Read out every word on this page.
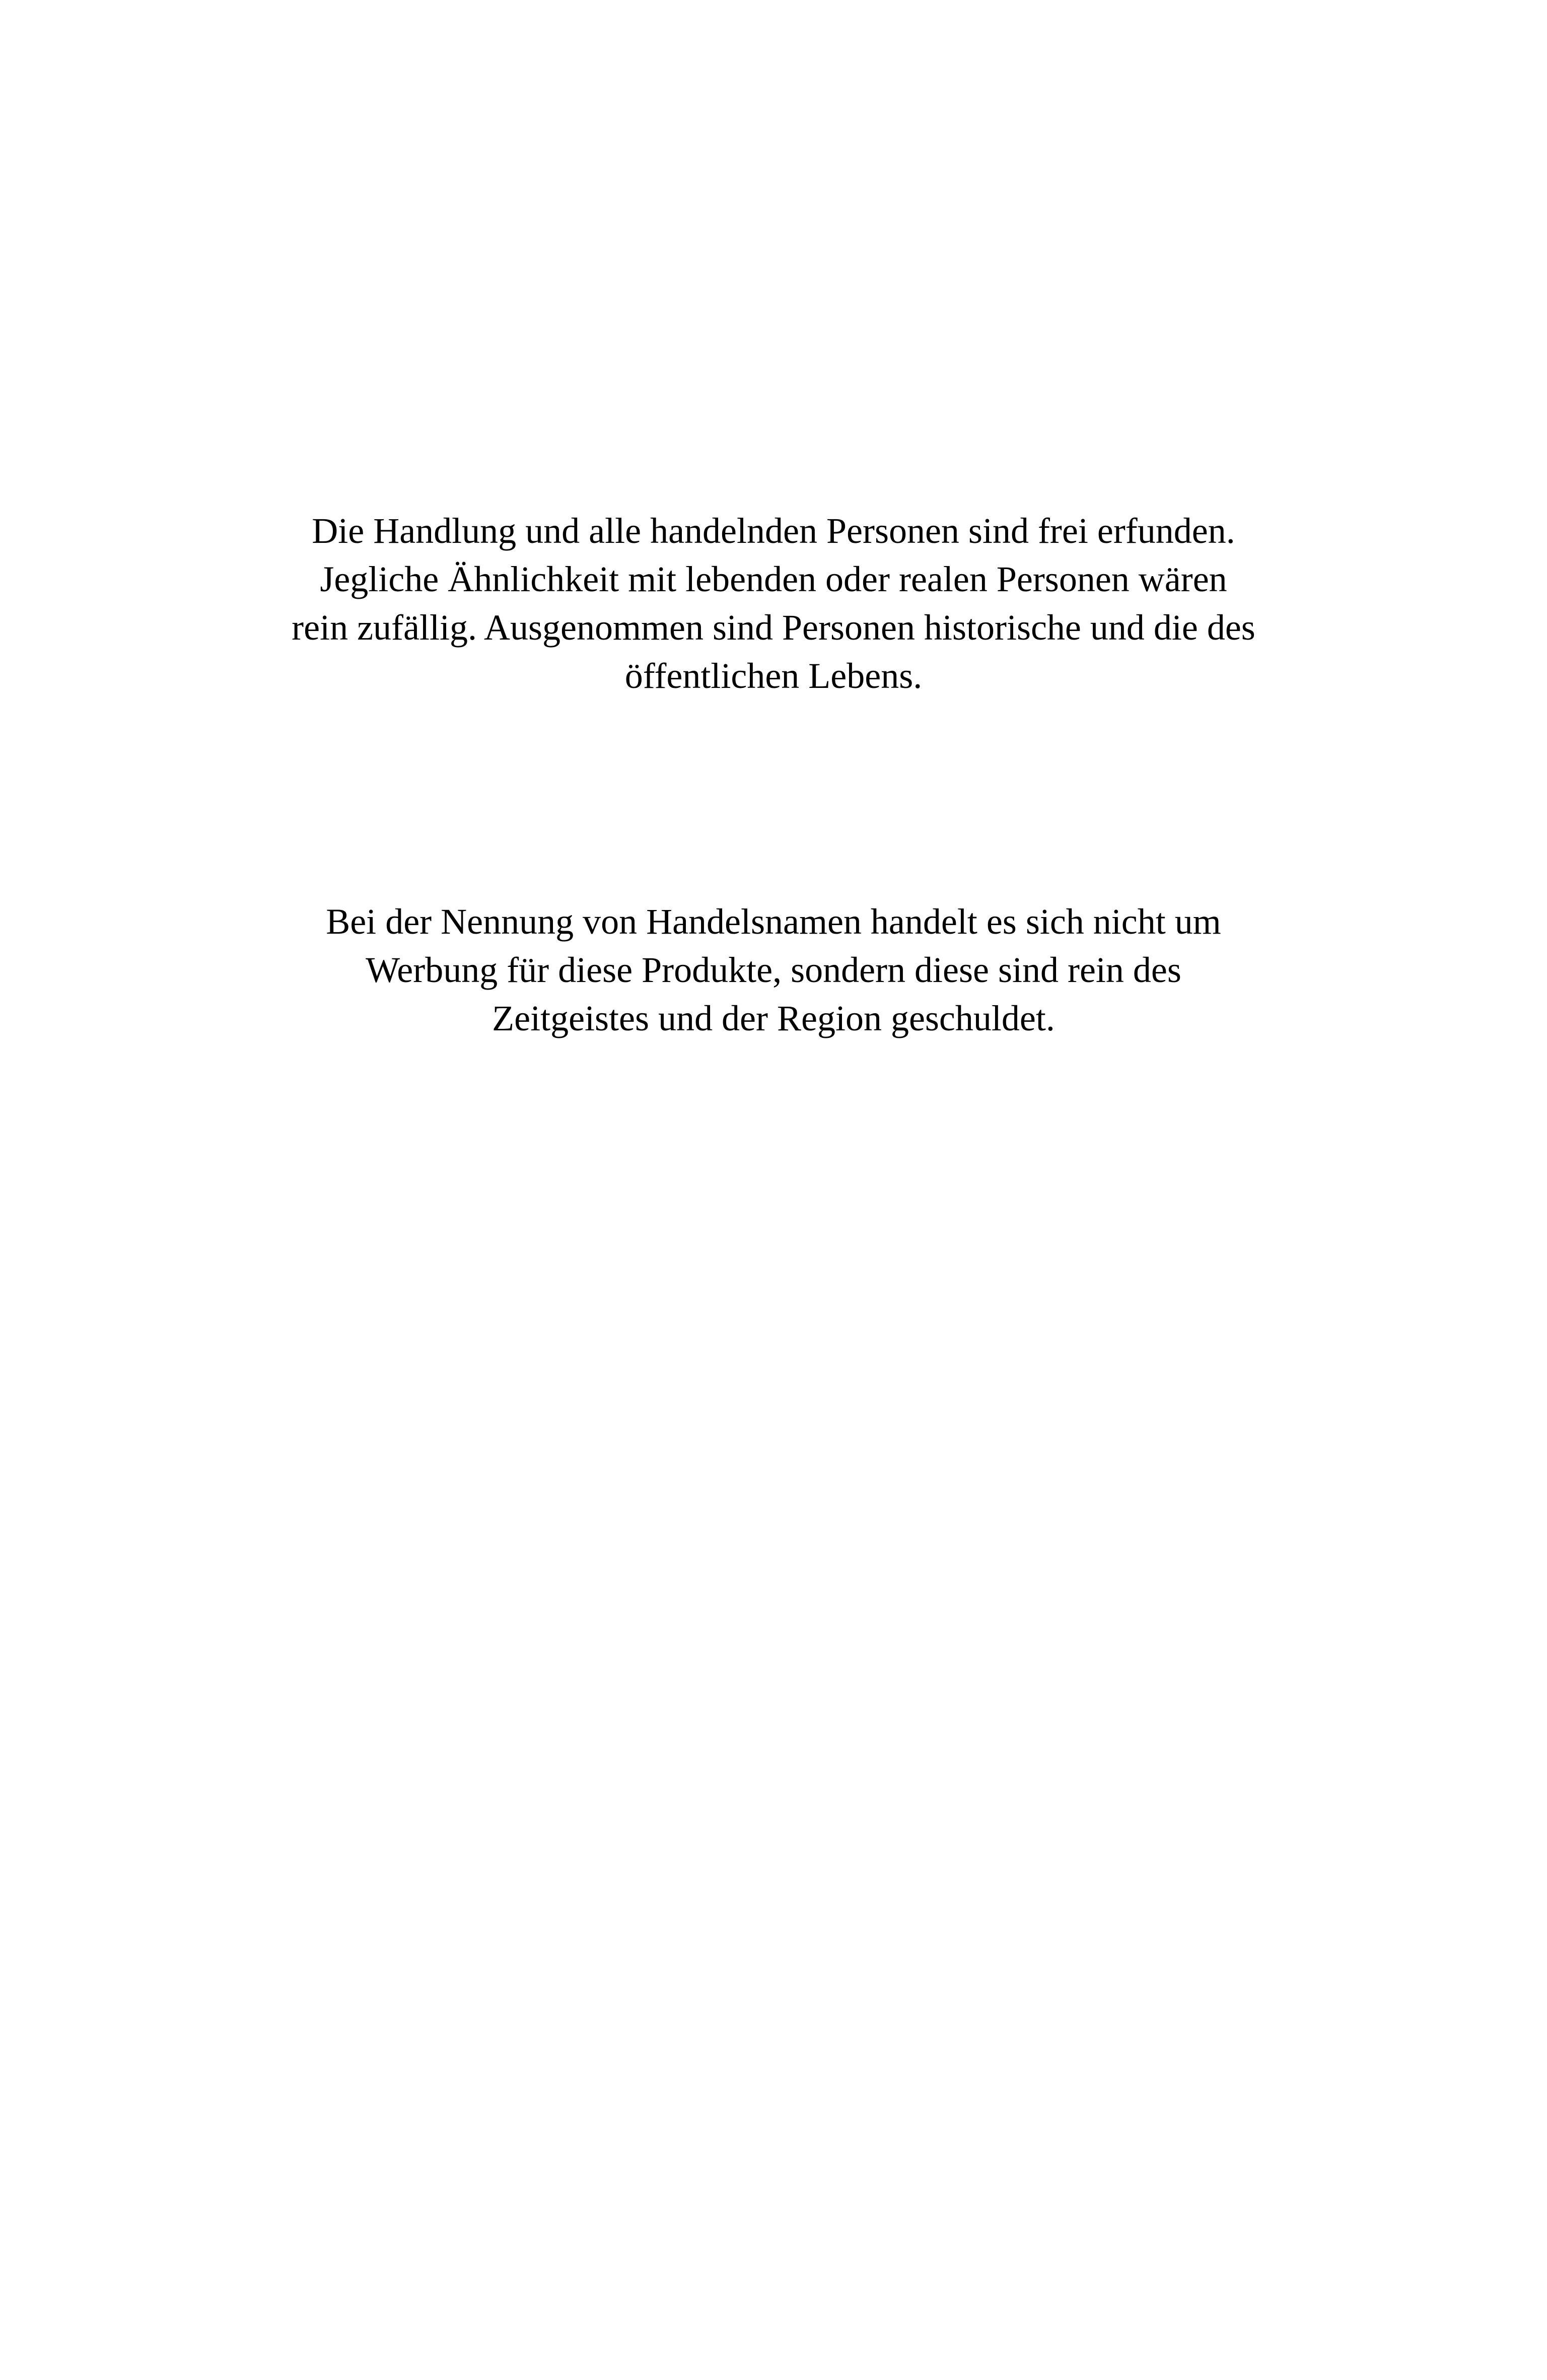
Die Handlung und alle handelnden Personen sind frei erfunden.
Jegliche Ähnlichkeit mit lebenden oder realen Personen wären
rein zufällig. Ausgenommen sind Personen historische und die des
öffentlichen Lebens.
Bei der Nennung von Handelsnamen handelt es sich nicht um
Werbung für diese Produkte, sondern diese sind rein des
Zeitgeistes und der Region geschuldet.
